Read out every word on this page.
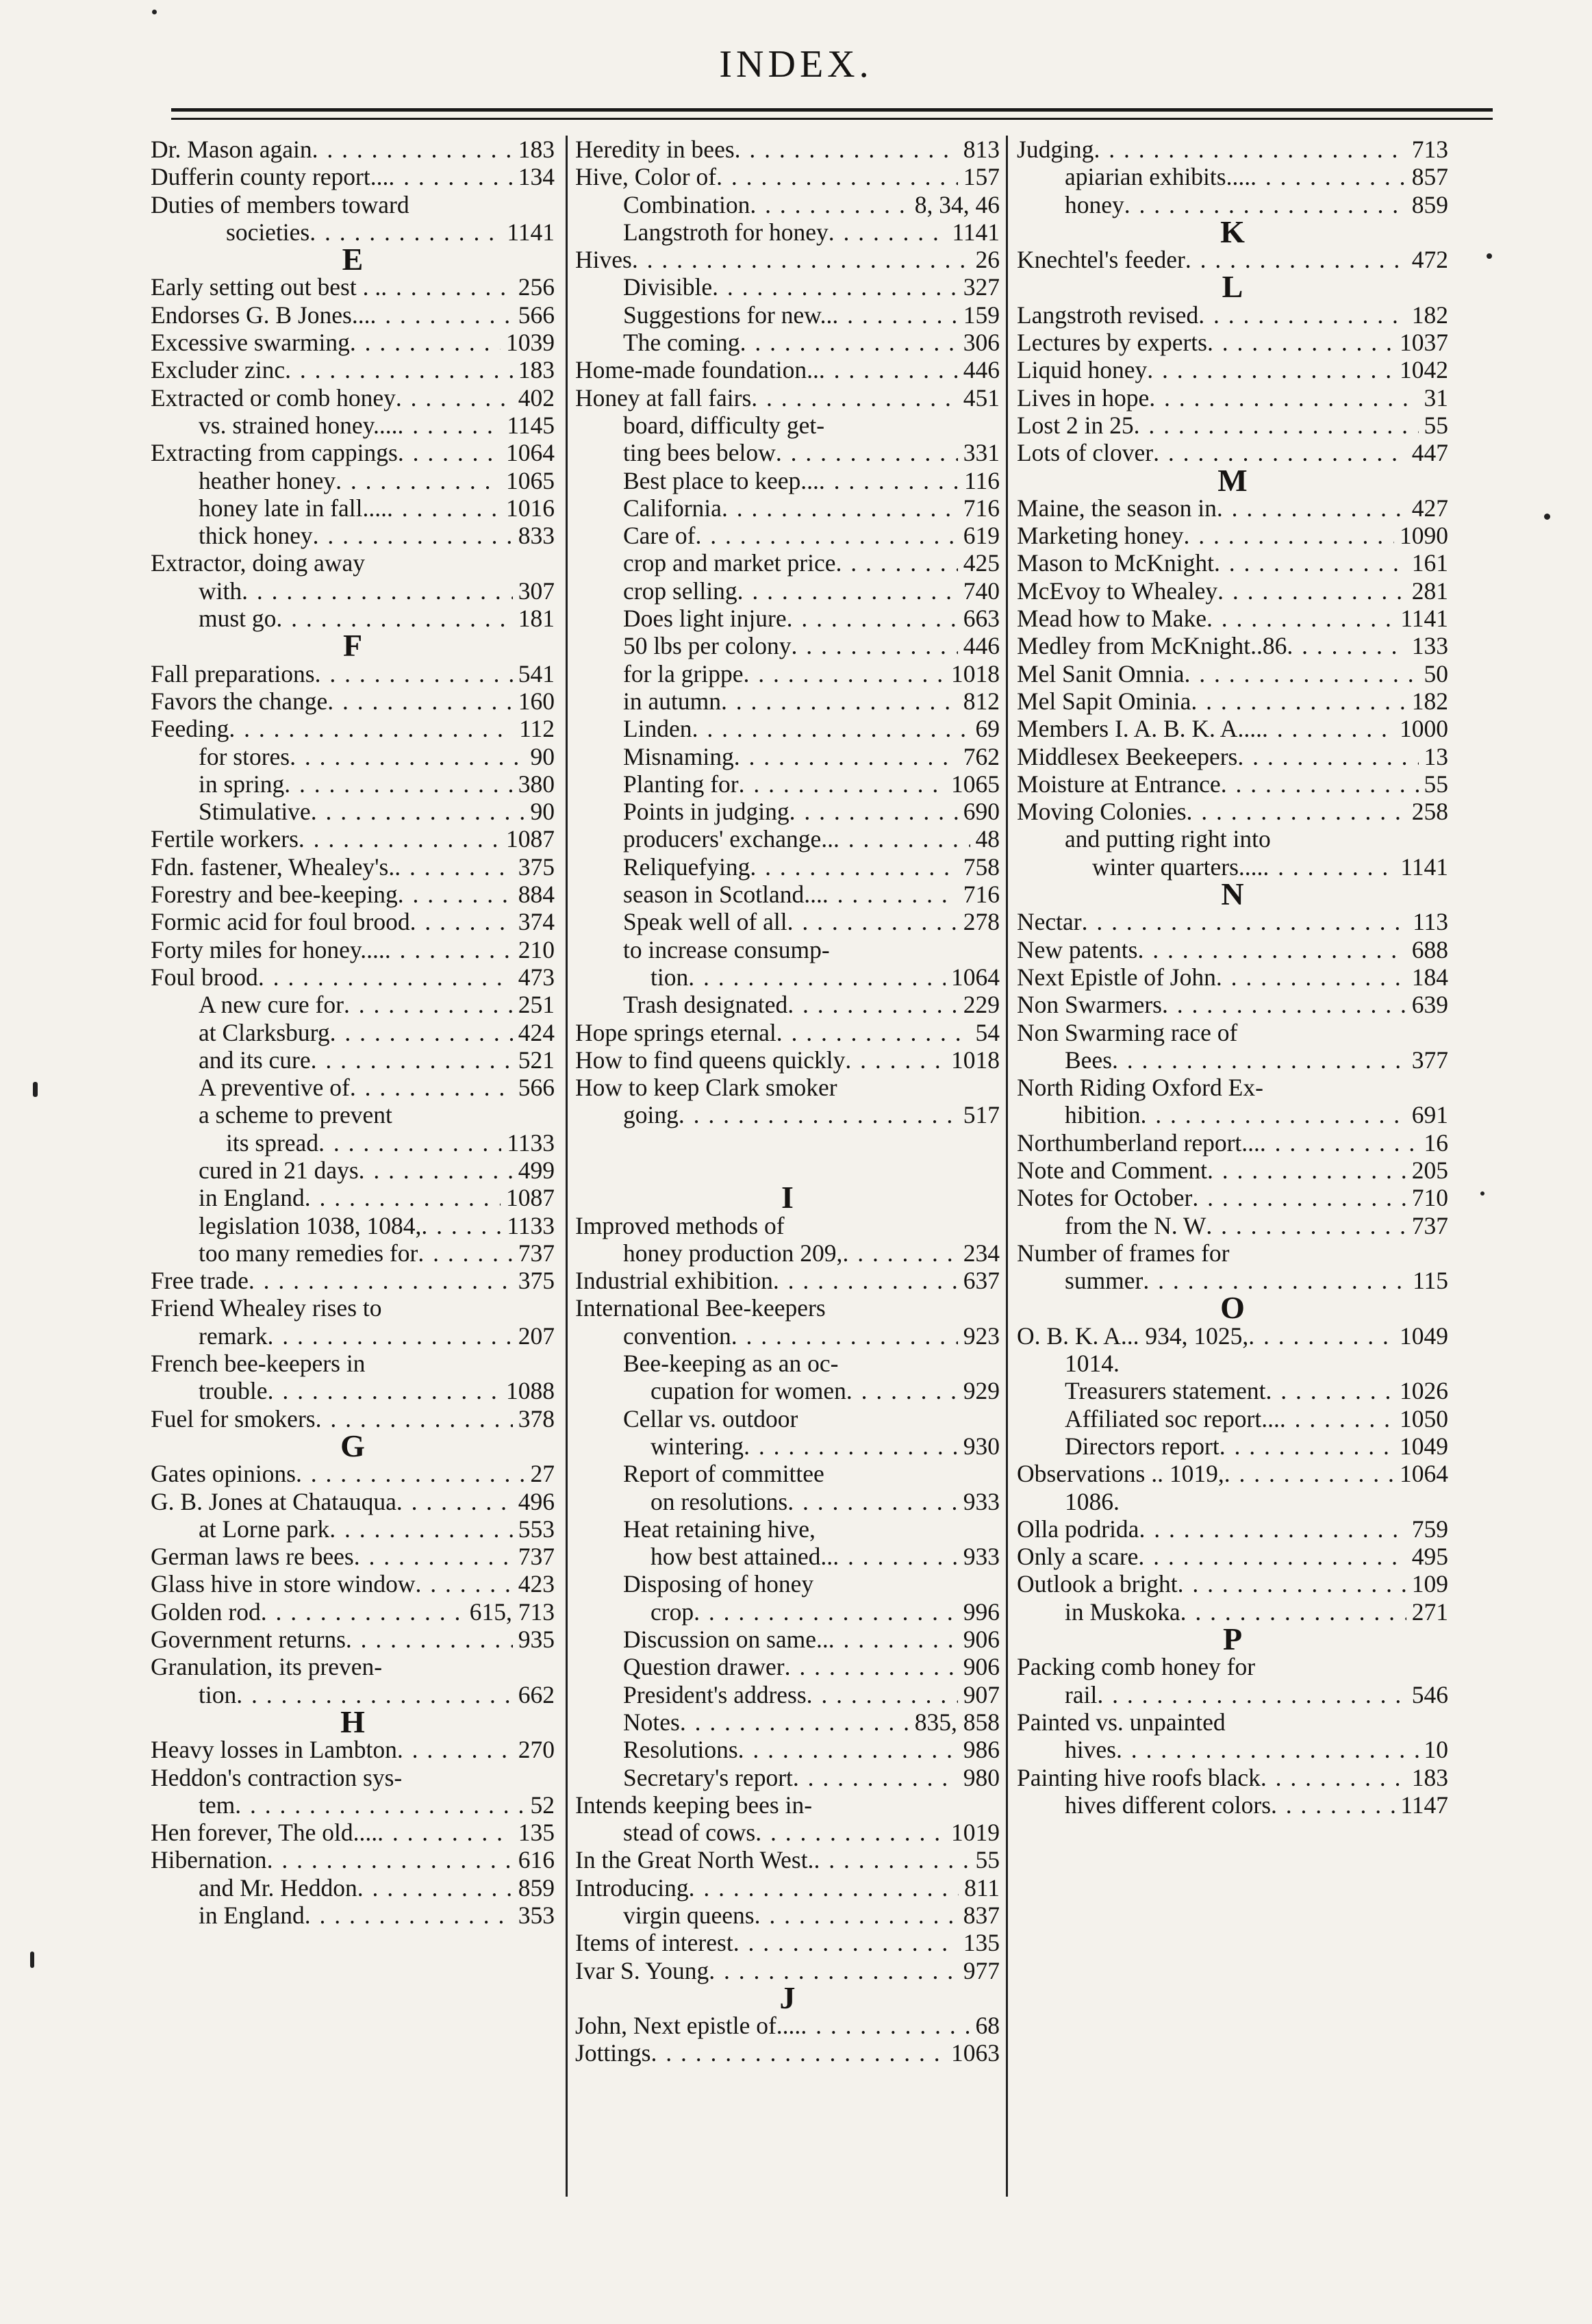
INDEX.
Dr. Mason again . . .	183
Dufferin county report... . . .	134
Duties of members toward
societies . . .	1141
E
Early setting out best . . . . .	256
Endorses G. B Jones... . . .	566
Excessive swarming . . .	1039
Excluder zinc . . .	183
Extracted or comb honey . . .	402
vs. strained honey.... . . .	1145
Extracting from cappings . . .	1064
heather honey . . .	1065
honey late in fall.... . . .	1016
thick honey . . .	833
Extractor, doing away
with . . .	307
must go . . .	181
F
Fall preparations . . .	541
Favors the change . . .	160
Feeding . . .	112
for stores . . .	90
in spring . . .	380
Stimulative . . .	90
Fertile workers . . .	1087
Fdn. fastener, Whealey's. . . .	375
Forestry and bee-keeping . . .	884
Formic acid for foul brood . . .	374
Forty miles for honey.... . . .	210
Foul brood . . .	473
A new cure for . . .	251
at Clarksburg . . .	424
and its cure . . .	521
A preventive of . . .	566
a scheme to prevent
its spread . . .	1133
cured in 21 days . . .	499
in England . . .	1087
legislation 1038, 1084, . . .	1133
too many remedies for . . .	737
Free trade . . .	375
Friend Whealey rises to
remark . . .	207
French bee-keepers in
trouble . . .	1088
Fuel for smokers . . .	378
G
Gates opinions . . .	27
G. B. Jones at Chatauqua . . .	496
at Lorne park . . .	553
German laws re bees . . .	737
Glass hive in store window . . .	423
Golden rod . . .	615, 713
Government returns . . .	935
Granulation, its preven-
tion . . .	662
H
Heavy losses in Lambton . . .	270
Heddon's contraction sys-
tem . . .	52
Hen forever, The old.... . . .	135
Hibernation . . .	616
and Mr. Heddon . . .	859
in England . . .	353
Heredity in bees . . .	813
Hive, Color of . . .	157
Combination . . .	8, 34, 46
Langstroth for honey . . .	1141
Hives . . .	26
Divisible . . .	327
Suggestions for new.. . . .	159
The coming . . .	306
Home-made foundation.. . . .	446
Honey at fall fairs . . .	451
board, difficulty get-
ting bees below . . .	331
Best place to keep... . . .	116
California . . .	716
Care of . . .	619
crop and market price . . .	425
crop selling . . .	740
Does light injure . . .	663
50 lbs per colony . . .	446
for la grippe . . .	1018
in autumn . . .	812
Linden . . .	69
Misnaming . . .	762
Planting for . . .	1065
Points in judging . . .	690
producers' exchange.. . . .	48
Reliquefying . . .	758
season in Scotland... . . .	716
Speak well of all . . .	278
to increase consump-
tion . . .	1064
Trash designated . . .	229
Hope springs eternal . . .	54
How to find queens quickly . . .	1018
How to keep Clark smoker
going . . .	517
I
Improved methods of
honey production 209, . . .	234
Industrial exhibition . . .	637
International Bee-keepers
convention . . .	923
Bee-keeping as an oc-
cupation for women . . .	929
Cellar vs. outdoor
wintering . . .	930
Report of committee
on resolutions . . .	933
Heat retaining hive,
how best attained.. . . .	933
Disposing of honey
crop . . .	996
Discussion on same.. . . .	906
Question drawer . . .	906
President's address . . .	907
Notes . . .	835, 858
Resolutions . . .	986
Secretary's report . . .	980
Intends keeping bees in-
stead of cows . . .	1019
In the Great North West. . . .	55
Introducing . . .	811
virgin queens . . .	837
Items of interest . . .	135
Ivar S. Young . . .	977
J
John, Next epistle of.... . . .	68
Jottings . . .	1063
Judging . . .	713
apiarian exhibits.... . . .	857
honey . . .	859
K
Knechtel's feeder . . .	472
L
Langstroth revised . . .	182
Lectures by experts . . .	1037
Liquid honey . . .	1042
Lives in hope . . .	31
Lost 2 in 25 . . .	55
Lots of clover . . .	447
M
Maine, the season in . . .	427
Marketing honey . . .	1090
Mason to McKnight . . .	161
McEvoy to Whealey . . .	281
Mead how to Make . . .	1141
Medley from McKnight..86 . . .	133
Mel Sanit Omnia . . .	50
Mel Sapit Ominia . . .	182
Members I. A. B. K. A.... . . .	1000
Middlesex Beekeepers . . .	13
Moisture at Entrance . . .	55
Moving Colonies . . .	258
and putting right into
winter quarters.... . . .	1141
N
Nectar . . .	113
New patents . . .	688
Next Epistle of John . . .	184
Non Swarmers . . .	639
Non Swarming race of
Bees . . .	377
North Riding Oxford Ex-
hibition . . .	691
Northumberland report... . . .	16
Note and Comment . . .	205
Notes for October . . .	710
from the N. W . . .	737
Number of frames for
summer . . .	115
O
O. B. K. A... 934, 1025, . . .	1049
1014.
Treasurers statement . . .	1026
Affiliated soc report... . . .	1050
Directors report . . .	1049
Observations .. 1019, . . .	1064
1086.
Olla podrida . . .	759
Only a scare . . .	495
Outlook a bright . . .	109
in Muskoka . . .	271
P
Packing comb honey for
rail . . .	546
Painted vs. unpainted
hives . . .	10
Painting hive roofs black . . .	183
hives different colors . . .	1147
